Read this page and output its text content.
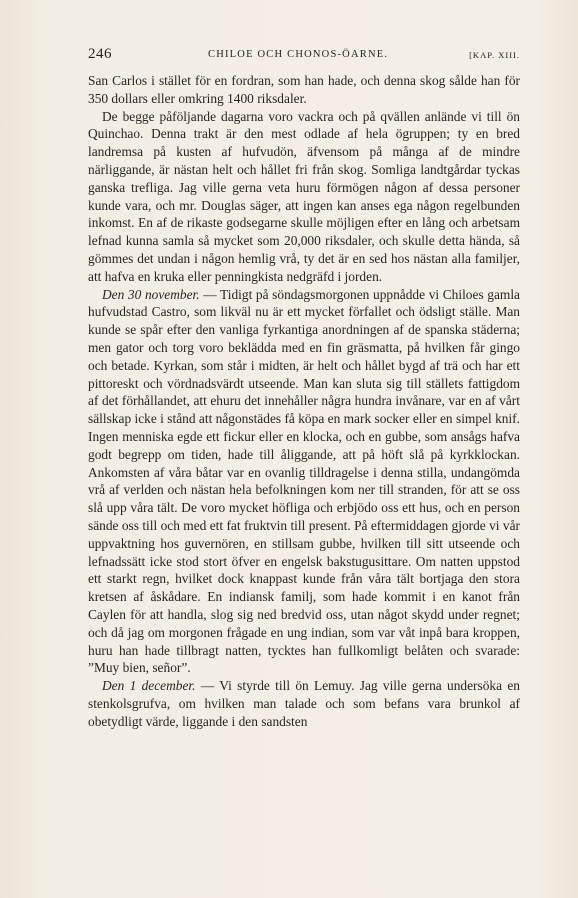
246	CHILOE OCH CHONOS-ÖARNE.	[KAP. XIII.

San Carlos i stället för en fordran, som han hade, och denna skog sålde han för 350 dollars eller omkring 1400 riksdaler.

De begge påföljande dagarna voro vackra och på qvällen anlände vi till ön Quinchao. Denna trakt är den mest odlade af hela ögruppen; ty en bred landremsa på kusten af hufvudön, äfvensom på många af de mindre närliggande, är nästan helt och hållet fri från skog. Somliga landtgårdar tyckas ganska trefliga. Jag ville gerna veta huru förmögen någon af dessa personer kunde vara, och mr. Douglas säger, att ingen kan anses ega någon regelbunden inkomst. En af de rikaste godsegarne skulle möjligen efter en lång och arbetsam lefnad kunna samla så mycket som 20,000 riksdaler, och skulle detta hända, så gömmes det undan i någon hemlig vrå, ty det är en sed hos nästan alla familjer, att hafva en kruka eller penningkista nedgräfd i jorden.

Den 30 november. — Tidigt på söndagsmorgonen uppnådde vi Chiloes gamla hufvudstad Castro, som likväl nu är ett mycket förfallet och ödsligt ställe. Man kunde se spår efter den vanliga fyrkantiga anordningen af de spanska städerna; men gator och torg voro beklädda med en fin gräsmatta, på hvilken får gingo och betade. Kyrkan, som står i midten, är helt och hållet bygd af trä och har ett pittoreskt och vördnadsvärdt utseende. Man kan sluta sig till ställets fattigdom af det förhållandet, att ehuru det innehåller några hundra invånare, var en af vårt sällskap icke i stånd att någonstädes få köpa en mark socker eller en simpel knif. Ingen menniska egde ett fickur eller en klocka, och en gubbe, som ansågs hafva godt begrepp om tiden, hade till åliggande, att på höft slå på kyrkklockan. Ankomsten af våra båtar var en ovanlig tilldragelse i denna stilla, undangömda vrå af verlden och nästan hela befolkningen kom ner till stranden, för att se oss slå upp våra tält. De voro mycket höfliga och erbjödo oss ett hus, och en person sände oss till och med ett fat fruktvin till present. På eftermiddagen gjorde vi vår uppvaktning hos guvernören, en stillsam gubbe, hvilken till sitt utseende och lefnadssätt icke stod stort öfver en engelsk bakstugusittare. Om natten uppstod ett starkt regn, hvilket dock knappast kunde från våra tält bortjaga den stora kretsen af åskådare. En indiansk familj, som hade kommit i en kanot från Caylen för att handla, slog sig ned bredvid oss, utan något skydd under regnet; och då jag om morgonen frågade en ung indian, som var våt inpå bara kroppen, huru han hade tillbragt natten, tycktes han fullkomligt belåten och svarade: ”Muy bien, señor”.

Den 1 december. — Vi styrde till ön Lemuy. Jag ville gerna undersöka en stenkolsgrufva, om hvilken man talade och som befans vara brunkol af obetydligt värde, liggande i den sandsten
